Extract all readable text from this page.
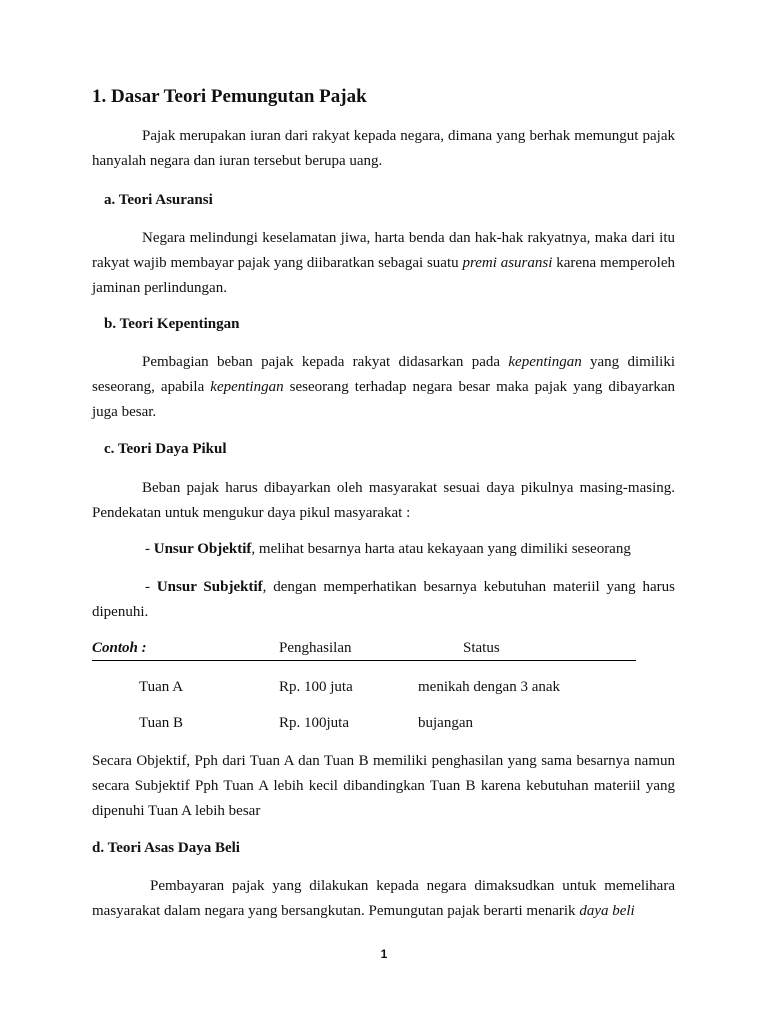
1. Dasar Teori Pemungutan Pajak

Pajak merupakan iuran dari rakyat kepada negara, dimana yang berhak memungut pajak hanyalah negara dan iuran tersebut berupa uang.

a. Teori Asuransi

Negara melindungi keselamatan jiwa, harta benda dan hak-hak rakyatnya, maka dari itu rakyat wajib membayar pajak yang diibaratkan sebagai suatu premi asuransi karena memperoleh jaminan perlindungan.

b. Teori Kepentingan

Pembagian beban pajak kepada rakyat didasarkan pada kepentingan yang dimiliki seseorang, apabila kepentingan seseorang terhadap negara besar maka pajak yang dibayarkan juga besar.

c. Teori Daya Pikul

Beban pajak harus dibayarkan oleh masyarakat sesuai daya pikulnya masing-masing. Pendekatan untuk mengukur daya pikul masyarakat :

- Unsur Objektif, melihat besarnya harta atau kekayaan yang dimiliki seseorang

- Unsur Subjektif, dengan memperhatikan besarnya kebutuhan materiil yang harus dipenuhi.

Contoh :	Penghasilan	Status
Tuan A	Rp. 100 juta	menikah dengan 3 anak
Tuan B	Rp. 100juta	bujangan

Secara Objektif, Pph dari Tuan A dan Tuan B memiliki penghasilan yang sama besarnya namun secara Subjektif Pph Tuan A lebih kecil dibandingkan Tuan B karena kebutuhan materiil yang dipenuhi Tuan A lebih besar

d. Teori Asas Daya Beli

Pembayaran pajak yang dilakukan kepada negara dimaksudkan untuk memelihara masyarakat dalam negara yang bersangkutan. Pemungutan pajak berarti menarik daya beli

1
